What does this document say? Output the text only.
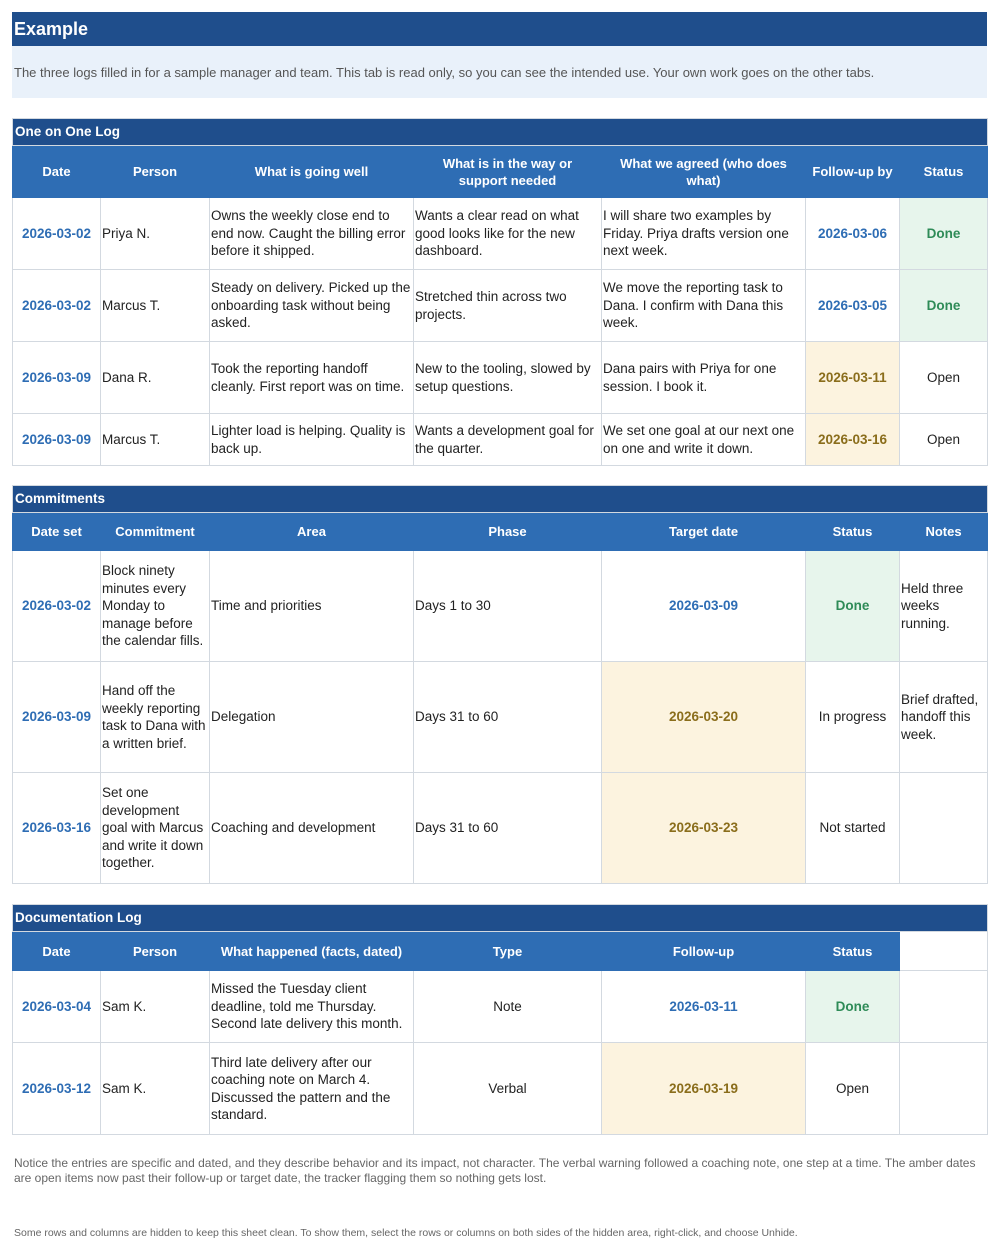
Example
The three logs filled in for a sample manager and team. This tab is read only, so you can see the intended use. Your own work goes on the other tabs.
One on One Log						
Date	Person	What is going well	What is in the way or support needed	What we agreed (who does what)	Follow-up by	Status
2026-03-02	Priya N.	Owns the weekly close end to end now. Caught the billing error before it shipped.	Wants a clear read on what good looks like for the new dashboard.	I will share two examples by Friday. Priya drafts version one next week.	2026-03-06	Done
2026-03-02	Marcus T.	Steady on delivery. Picked up the onboarding task without being asked.	Stretched thin across two projects.	We move the reporting task to Dana. I confirm with Dana this week.	2026-03-05	Done
2026-03-09	Dana R.	Took the reporting handoff cleanly. First report was on time.	New to the tooling, slowed by setup questions.	Dana pairs with Priya for one session. I book it.	2026-03-11	Open
2026-03-09	Marcus T.	Lighter load is helping. Quality is back up.	Wants a development goal for the quarter.	We set one goal at our next one on one and write it down.	2026-03-16	Open
Commitments						
Date set	Commitment	Area	Phase	Target date	Status	Notes
2026-03-02	Block ninety minutes every Monday to manage before the calendar fills.	Time and priorities	Days 1 to 30	2026-03-09	Done	Held three weeks running.
2026-03-09	Hand off the weekly reporting task to Dana with a written brief.	Delegation	Days 31 to 60	2026-03-20	In progress	Brief drafted, handoff this week.
2026-03-16	Set one development goal with Marcus and write it down together.	Coaching and development	Days 31 to 60	2026-03-23	Not started	
Documentation Log						
Date	Person	What happened (facts, dated)	Type	Follow-up	Status	
2026-03-04	Sam K.	Missed the Tuesday client deadline, told me Thursday. Second late delivery this month.	Note	2026-03-11	Done	
2026-03-12	Sam K.	Third late delivery after our coaching note on March 4. Discussed the pattern and the standard.	Verbal	2026-03-19	Open	
Notice the entries are specific and dated, and they describe behavior and its impact, not character. The verbal warning followed a coaching note, one step at a time. The amber dates are open items now past their follow-up or target date, the tracker flagging them so nothing gets lost.
Some rows and columns are hidden to keep this sheet clean. To show them, select the rows or columns on both sides of the hidden area, right-click, and choose Unhide.
